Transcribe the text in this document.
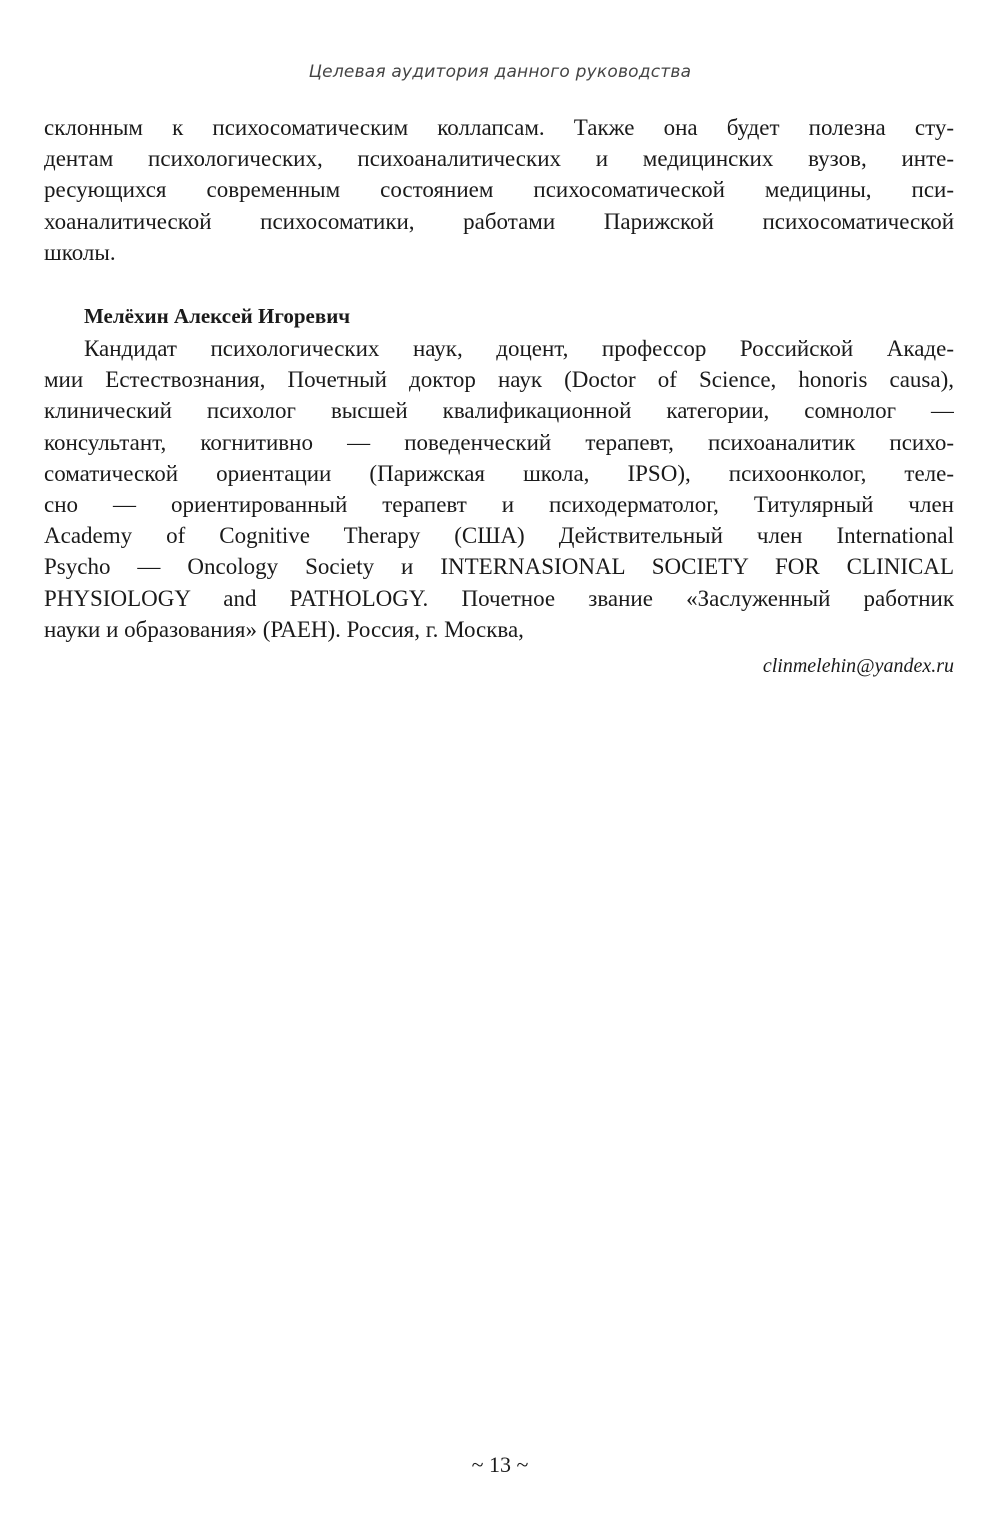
Целевая аудитория данного руководства
склонным к психосоматическим коллапсам. Также она будет полезна сту-
дентам психологических, психоаналитических и медицинских вузов, инте-
ресующихся современным состоянием психосоматической медицины, пси-
хоаналитической психосоматики, работами Парижской психосоматической
школы.
Мелёхин Алексей Игоревич
Кандидат психологических наук, доцент, профессор Российской Акаде-
мии Естествознания, Почетный доктор наук (Doctor of Science, honoris causa),
клинический психолог высшей квалификационной категории, сомнолог —
консультант, когнитивно — поведенческий терапевт, психоаналитик психо-
соматической ориентации (Парижская школа, IPSO), психоонколог, теле-
сно — ориентированный терапевт и психодерматолог, Титулярный член
Academy of Cognitive Therapy (США) Действительный член International
Psycho — Oncology Society и INTERNASIONAL SOCIETY FOR CLINICAL
PHYSIOLOGY and PATHOLOGY. Почетное звание «Заслуженный работник
науки и образования» (РАЕН). Россия, г. Москва,
clinmelehin@yandex.ru
~ 13 ~
